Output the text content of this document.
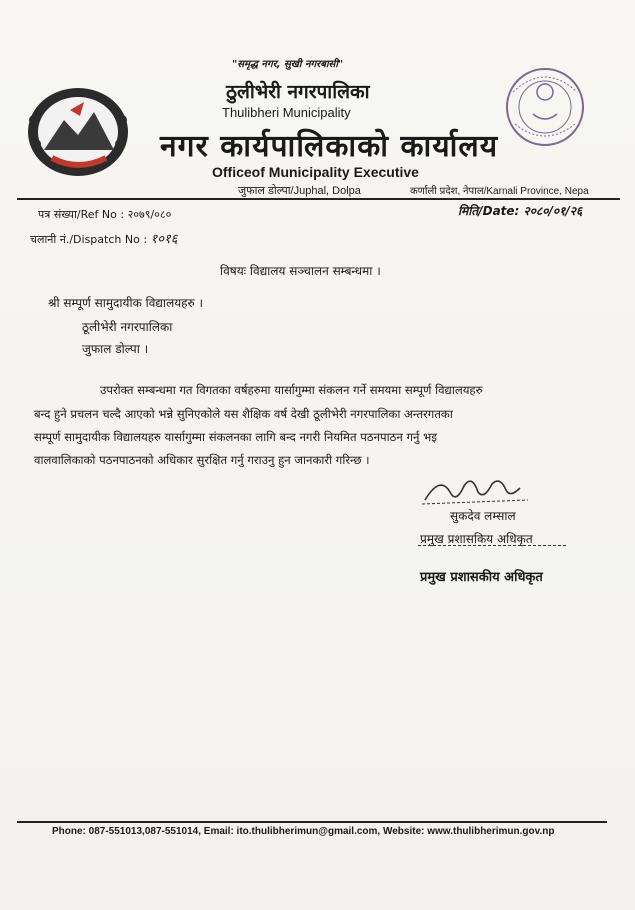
"समृद्ध नगर, सुखी नगरबासी"
ठुलीभेरी नगरपालिका
Thulibheri Municipality
नगर कार्यपालिकाको कार्यालय
Officeof Municipality Executive
जुफाल डोल्पा/Juphal, Dolpa	कर्णाली प्रदेश, नेपाल/Karnali Province, Nepa
पत्र संख्या/Ref No : २०७९/०८०	मिति/Date: २०८०/०१/२६
चलानी नं./Dispatch No : १०१६
विषयः विद्यालय सञ्चालन सम्बन्धमा ।
श्री सम्पूर्ण सामुदायीक विद्यालयहरु ।
ठूलीभेरी नगरपालिका
जुफाल डोल्पा ।
उपरोक्त सम्बन्धमा गत विगतका वर्षहरुमा यार्सागुम्मा संकलन गर्ने समयमा सम्पूर्ण विद्यालयहरु
बन्द हुने प्रचलन चल्दै आएको भन्ने सुनिएकोले यस शैक्षिक वर्ष देखी ठूलीभेरी नगरपालिका अन्तरगतका
सम्पूर्ण सामुदायीक विद्यालयहरु यार्सागुम्मा संकलनका लागि बन्द नगरी नियमित पठनपाठन गर्नु भइ
वालवालिकाको पठनपाठनको अधिकार सुरक्षित गर्नु गराउनु हुन जानकारी गरिन्छ ।
सुकदेव लम्साल
प्रमुख प्रशासकिय अधिकृत
प्रमुख प्रशासकीय अधिकृत
Phone: 087-551013,087-551014, Email: ito.thulibherimun@gmail.com, Website: www.thulibherimun.gov.np
